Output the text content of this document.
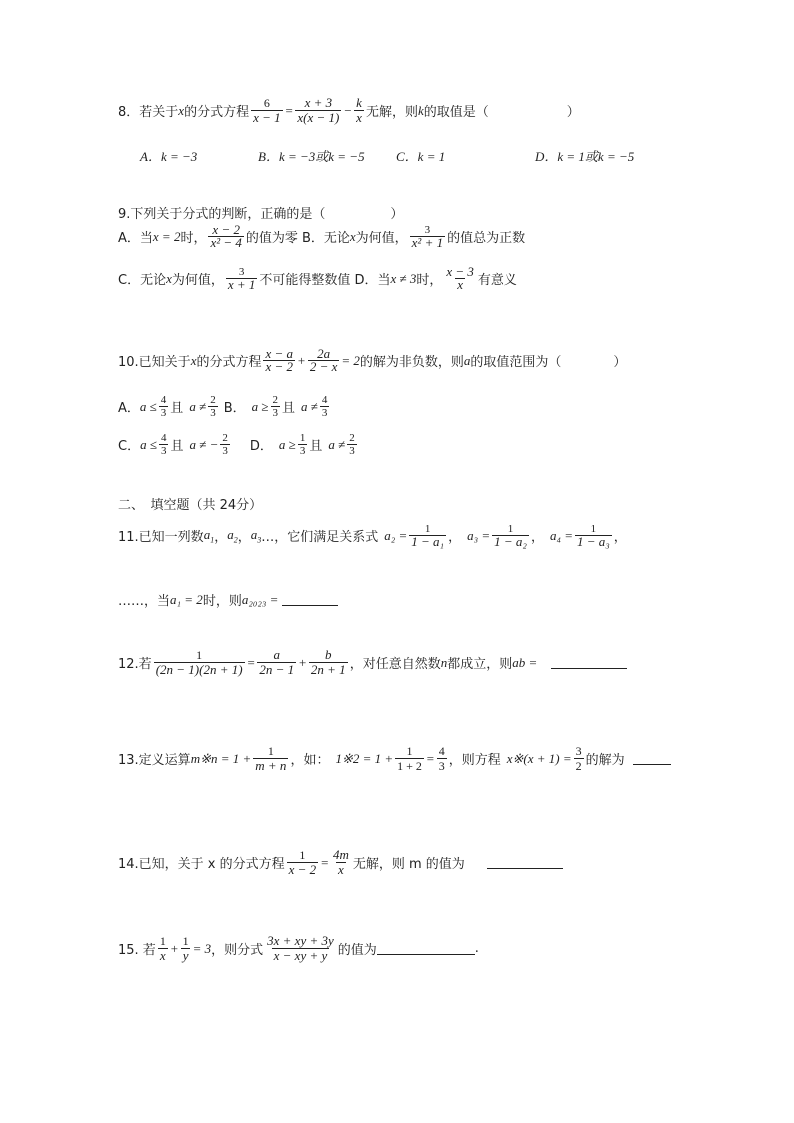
8．若关于 x 的分式方程 $\frac{6}{x - 1} = \frac{x + 3}{x(x - 1)} - \frac{k}{x}$ 无解，则 k 的取值是（　　　　　　）
A．k = −3	B．k = −3或k = −5 C．k = 1	D．k = 1或k = −5
9.下列关于分式的判断，正确的是（　　　　　）
A．当 x = 2 时， $\frac{x - 2}{\text{x² − 4}}$ 的值为零 B．无论 x 为何值， $\frac{3}{\text{x² + 1}}$ 的值总为正数
C．无论 x 为何值， $\frac{3}{x + 1}$ 不可能得整数值 D．当 x ≠ 3 时， $\frac{x - 3}{x}$ 有意义
10.已知关于 x 的分式方程 $\frac{x - a}{x - 2} + \frac{2a}{2 - x} = 2$ 的解为非负数，则 a 的取值范围为（　　　　）
A． $a \le \frac{4}{3}$ 且 $a \ne \frac{2}{3}$ B． $a \ge \frac{2}{3}$ 且 $a \ne \frac{4}{3}$
C． $a \le \frac{4}{3}$ 且 a ≠ − $\frac{2}{3}$ D． $a \ge \frac{1}{3}$ 且 $a \ne \frac{2}{3}$
二、　填空题（共 24分）
11.已知一列数 $a_1$ ， $a_2$ ， $a_3$ …，它们满足关系式 $a_2 = \frac{1}{\text{1 − a₁}}$ ， $a_3 = \frac{1}{\text{1 − a₂}}$ ， $a_4 = \frac{1}{\text{1 − a₃}}$ ，
……，当 a₁ = 2 时，则 a₂₀₂₃ =
12.若 $\frac{1}{(2n - 1)(2n + 1)} = \frac{a}{2n - 1} + \frac{b}{2n + 1}$ ，对任意自然数 n 都成立，则 ab =
13.定义运算 m※n = $1 + \frac{1}{m + n}$ ，如： 1※2 = $1 + \frac{1}{1 + 2} = \frac{4}{3}$ ，则方程 x※(x + $1) = \frac{3}{2}$ 的解为
14.已知，关于 x 的分式方程 $\frac{1}{x - 2} = \frac{4m}{x}$ 无解，则 m 的值为
15. 若 $\frac{1}{x} + \frac{1}{y} = 3$ ，则分式 $\frac{3x + xy + 3y}{x - xy + y}$ 的值为	.
